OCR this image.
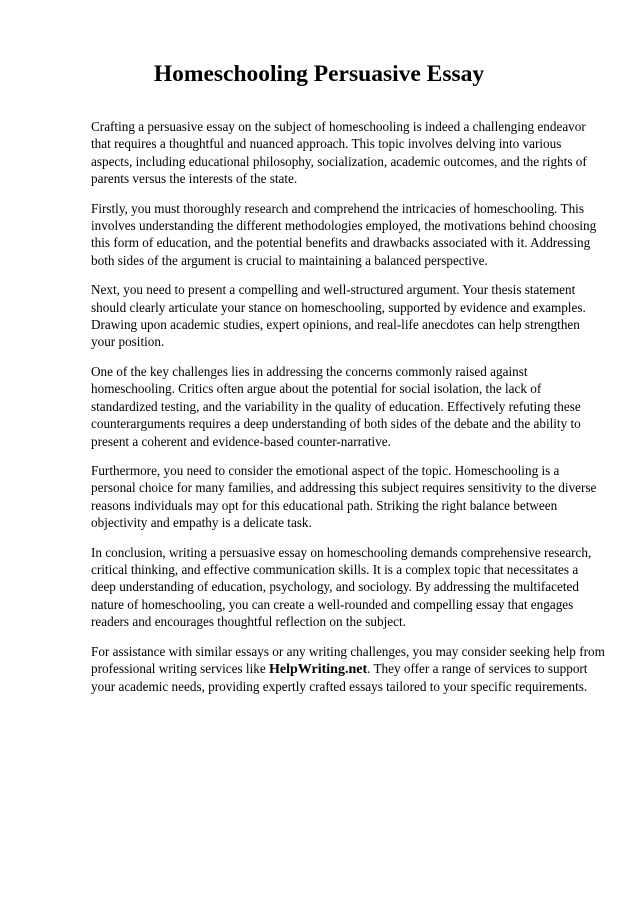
Homeschooling Persuasive Essay

Crafting a persuasive essay on the subject of homeschooling is indeed a challenging endeavor
that requires a thoughtful and nuanced approach. This topic involves delving into various
aspects, including educational philosophy, socialization, academic outcomes, and the rights of
parents versus the interests of the state.

Firstly, you must thoroughly research and comprehend the intricacies of homeschooling. This
involves understanding the different methodologies employed, the motivations behind choosing
this form of education, and the potential benefits and drawbacks associated with it. Addressing
both sides of the argument is crucial to maintaining a balanced perspective.

Next, you need to present a compelling and well-structured argument. Your thesis statement
should clearly articulate your stance on homeschooling, supported by evidence and examples.
Drawing upon academic studies, expert opinions, and real-life anecdotes can help strengthen
your position.

One of the key challenges lies in addressing the concerns commonly raised against
homeschooling. Critics often argue about the potential for social isolation, the lack of
standardized testing, and the variability in the quality of education. Effectively refuting these
counterarguments requires a deep understanding of both sides of the debate and the ability to
present a coherent and evidence-based counter-narrative.

Furthermore, you need to consider the emotional aspect of the topic. Homeschooling is a
personal choice for many families, and addressing this subject requires sensitivity to the diverse
reasons individuals may opt for this educational path. Striking the right balance between
objectivity and empathy is a delicate task.

In conclusion, writing a persuasive essay on homeschooling demands comprehensive research,
critical thinking, and effective communication skills. It is a complex topic that necessitates a
deep understanding of education, psychology, and sociology. By addressing the multifaceted
nature of homeschooling, you can create a well-rounded and compelling essay that engages
readers and encourages thoughtful reflection on the subject.

For assistance with similar essays or any writing challenges, you may consider seeking help from
professional writing services like HelpWriting.net. They offer a range of services to support
your academic needs, providing expertly crafted essays tailored to your specific requirements.
